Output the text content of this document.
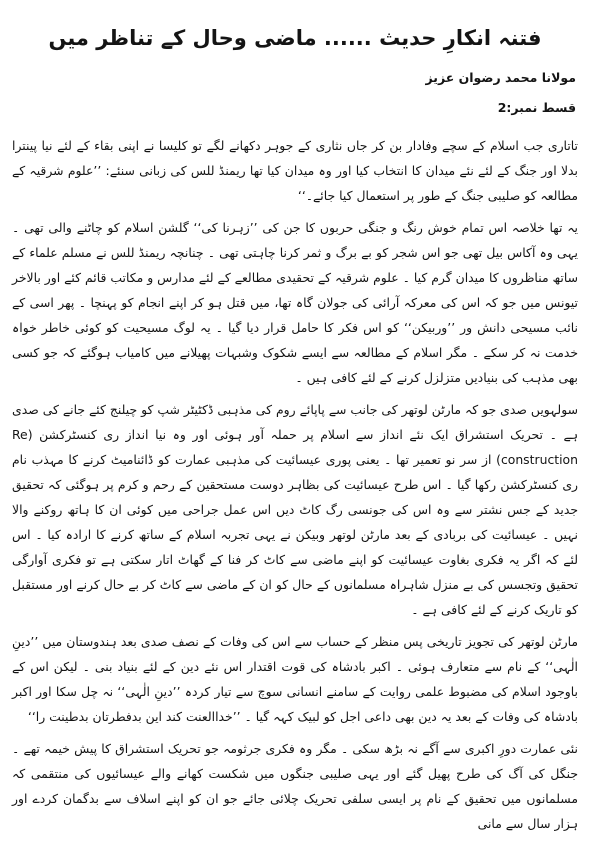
فتنہ انکارِ حدیث ...... ماضی وحال کے تناظر میں
مولانا محمد رضوان عزیز
قسط نمبر:2

تاتاری جب اسلام کے سچے وفادار بن کر جاں نثاری کے جوہر دکھانے لگے تو کلیسا نے اپنی بقاء کے لئے نیا پینترا بدلا اور جنگ کے لئے نئے میدان کا انتخاب کیا اور وہ میدان کیا تھا ریمنڈ للس کی زبانی سنئے: ’’علوم شرقیہ کے مطالعہ کو صلیبی جنگ کے طور پر استعمال کیا جائے۔‘‘

یہ تھا خلاصہ اس تمام خوش رنگ و جنگی حربوں کا جن کی ’’زہرنا کی‘‘ گلشن اسلام کو چاٹنے والی تھی ۔ یہی وہ آکاس بیل تھی جو اس شجر کو بے برگ و ثمر کرنا چاہتی تھی ۔ چنانچہ ریمنڈ للس نے مسلم علماء کے ساتھ مناظروں کا میدان گرم کیا ۔ علوم شرقیہ کے تحقیدی مطالعے کے لئے مدارس و مکاتب قائم کئے اور بالاخر تیونس میں جو کہ اس کی معرکہ آرائی کی جولان گاہ تھا، میں قتل ہو کر اپنے انجام کو پہنچا ۔ پھر اسی کے نائب مسیحی دانش ور ’’وربیکن‘‘ کو اس فکر کا حامل قرار دیا گیا ۔ یہ لوگ مسیحیت کو کوئی خاطر خواہ خدمت نہ کر سکے ۔ مگر اسلام کے مطالعہ سے ایسے شکوک وشبہات پھیلانے میں کامیاب ہوگئے کہ جو کسی بھی مذہب کی بنیادیں متزلزل کرنے کے لئے کافی ہیں ۔

سولہویں صدی جو کہ مارٹن لوتھر کی جانب سے پاپائے روم کی مذہبی ڈکٹیٹر شپ کو چیلنج کئے جانے کی صدی ہے ۔ تحریک استشراق ایک نئے انداز سے اسلام پر حملہ آور ہوئی اور وہ نیا انداز ری کنسٹرکشن (Re construction) از سر نو تعمیر تھا ۔ یعنی پوری عیسائیت کی مذہبی عمارت کو ڈائنامیٹ کرنے کا مہذب نام ری کنسٹرکشن رکھا گیا ۔ اس طرح عیسائیت کی بظاہر دوست مستحقین کے رحم و کرم پر ہوگئی کہ تحقیق جدید کے جس نشتر سے وہ اس کی جونسی رگ کاٹ دیں اس عمل جراحی میں کوئی ان کا ہاتھ روکنے والا نہیں ۔ عیسائیت کی بربادی کے بعد مارٹن لوتھر وبیکن نے یہی تجربہ اسلام کے ساتھ کرنے کا ارادہ کیا ۔ اس لئے کہ اگر یہ فکری بغاوت عیسائیت کو اپنے ماضی سے کاٹ کر فنا کے گھاٹ اتار سکتی ہے تو فکری آوارگی تحقیق وتجسس کی بے منزل شاہراہ مسلمانوں کے حال کو ان کے ماضی سے کاٹ کر بے حال کرنے اور مستقبل کو تاریک کرنے کے لئے کافی ہے ۔

مارٹن لوتھر کی تجویز تاریخی پس منظر کے حساب سے اس کی وفات کے نصف صدی بعد ہندوستان میں ’’دینِ الٰہی‘‘ کے نام سے متعارف ہوئی ۔ اکبر بادشاہ کی قوت اقتدار اس نئے دین کے لئے بنیاد بنی ۔ لیکن اس کے باوجود اسلام کی مضبوط علمی روایت کے سامنے انسانی سوچ سے تیار کردہ ’’دینِ الٰہی‘‘ نہ چل سکا اور اکبر بادشاہ کی وفات کے بعد یہ دین بھی داعی اجل کو لبیک کہہ گیا ۔ ’’خداالعنت کند این بدفطرتان بدطینت را‘‘

نئی عمارت دورِ اکبری سے آگے نہ بڑھ سکی ۔ مگر وہ فکری جرثومہ جو تحریک استشراق کا پیش خیمہ تھے ۔ جنگل کی آگ کی طرح پھیل گئے اور یہی صلیبی جنگوں میں شکست کھانے والے عیسائیوں کی منتقمی کہ مسلمانوں میں تحقیق کے نام پر ایسی سلفی تحریک چلائی جائے جو ان کو اپنے اسلاف سے بدگمان کردے اور ہزار سال سے مانی
